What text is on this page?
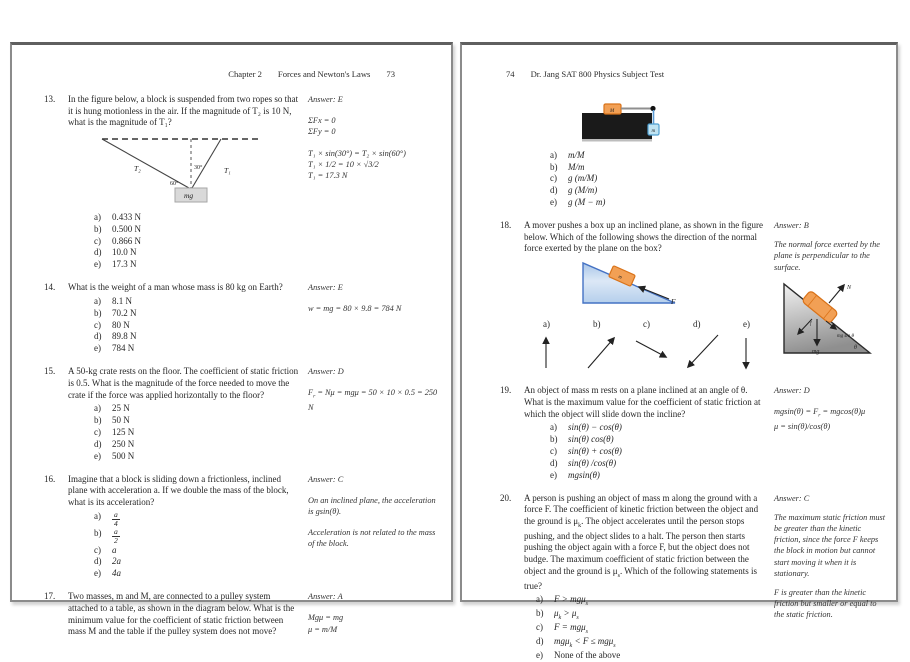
Chapter 2 Forces and Newton's Laws 73
13.	In the figure below, a block is suspended from two ropes so that it is hung motionless in the air. If the magnitude of T₂ is 10 N, what is the magnitude of T₁?
T₂	T₁
60°
30°
mg
a)	0.433 N
b)	0.500 N
c)	0.866 N
d)	10.0 N
e)	17.3 N
Answer: E
ΣFx = 0
ΣFy = 0
T₁ × sin(30°) = T₂ × sin(60°)
T₁ × 1/2 = 10 × √3/2
T₁ = 17.3 N
14.	What is the weight of a man whose mass is 80 kg on Earth?
a)	8.1 N
b)	70.2 N
c)	80 N
d)	89.8 N
e)	784 N
Answer: E
w = mg = 80 × 9.8 = 784 N
15.	A 50-kg crate rests on the floor. The coefficient of static friction is 0.5. What is the magnitude of the force needed to move the crate if the force was applied horizontally to the floor?
a)	25 N
b)	50 N
c)	125 N
d)	250 N
e)	500 N
Answer: D
$F_r = N\mu = mg\mu = 50 \times 10 \times 0.5 = 250$ N
16.	Imagine that a block is sliding down a frictionless, inclined plane with acceleration a. If we double the mass of the block, what is its acceleration?
a)	$\frac{a}{4}$
b)	$\frac{a}{2}$
c)	a
d)	2a
e)	4a
Answer: C
On an inclined plane, the acceleration is gsin(θ).
Acceleration is not related to the mass of the block.
17.	Two masses, m and M, are connected to a pulley system attached to a table, as shown in the diagram below. What is the minimum value for the coefficient of static friction between mass M and the table if the pulley system does not move?
Answer: A
Mgμ = mg
μ = m/M
74 Dr. Jang SAT 800 Physics Subject Test
M
m
a)	m/M
b)	M/m
c)	g (m/M)
d)	g (M/m)
e)	g (M − m)
18.	A mover pushes a box up an inclined plane, as shown in the figure below. Which of the following shows the direction of the normal force exerted by the plane on the box?
m
F
a)	b)	c)	d)	e)
Answer: B
The normal force exerted by the plane is perpendicular to the surface.
N
mg
mg sin θ
f
θ
19.	An object of mass m rests on a plane inclined at an angle of θ. What is the maximum value for the coefficient of static friction at which the object will slide down the incline?
a)	sin(θ) − cos(θ)
b)	sin(θ) cos(θ)
c)	sin(θ) + cos(θ)
d)	sin(θ) /cos(θ)
e)	mgsin(θ)
Answer: D
$mgsin(\theta) = F_r = mgcos(\theta)\mu$
μ = sin(θ)/cos(θ)
20.	A person is pushing an object of mass m along the ground with a force F. The coefficient of kinetic friction between the object and the ground is $\mu_k$. The object accelerates until the person stops pushing, and the object slides to a halt. The person then starts pushing the object again with a force F, but the object does not budge. The maximum coefficient of static friction between the object and the ground is $\mu_s$. Which of the following statements is true?
a)	F > mgμ$_s$
b)	$\mu_k > \mu_s$
c)	F = mgμ$_s$
d)	mgμ$_k$ < F ≤ mgμ$_s$
e)	None of the above
Answer: C
The maximum static friction must be greater than the kinetic friction, since the force F keeps the block in motion but cannot start moving it when it is stationary.
F is greater than the kinetic friction but smaller or equal to the static friction.
